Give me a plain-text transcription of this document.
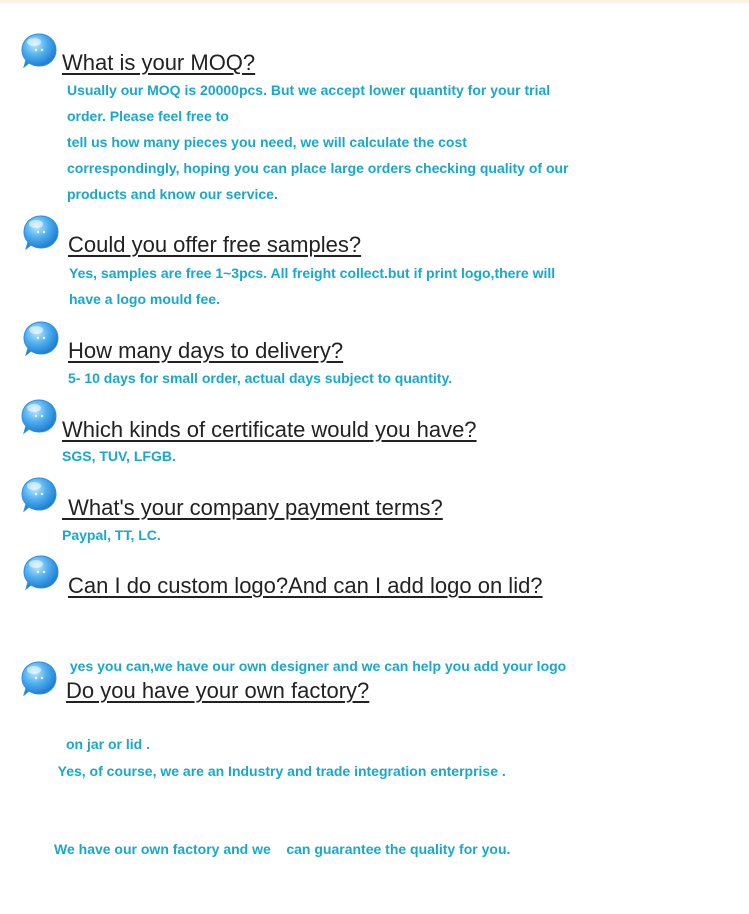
What is your MOQ?
Usually our MOQ is 20000pcs. But we accept lower quantity for your trial
order. Please feel free to
tell us how many pieces you need, we will calculate the cost
correspondingly, hoping you can place large orders checking quality of our
products and know our service.
Could you offer free samples?
Yes, samples are free 1~3pcs. All freight collect.but if print logo,there will
have a logo mould fee.
How many days to delivery?
5- 10 days for small order, actual days subject to quantity.
Which kinds of certificate would you have?
SGS, TUV, LFGB.
What's your company payment terms?
Paypal, TT, LC.
Can I do custom logo?And can I add logo on lid?

yes you can,we have our own designer and we can help you add your logo

on jar or lid .

Do you have your own factory?

Yes, of course, we are an Industry and trade integration enterprise .

We have our own factory and we    can guarantee the quality for you.
